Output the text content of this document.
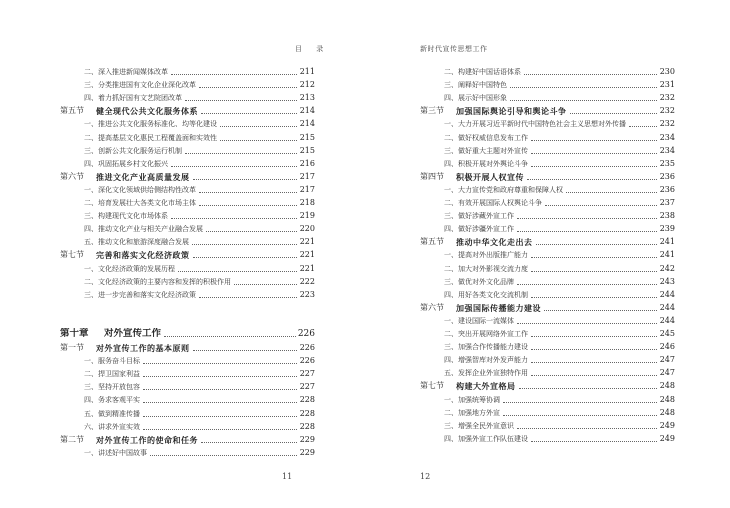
目 录	新时代宣传思想工作
二、深入推进新闻媒体改革	211
三、分类推进国有文化企业深化改革	212
四、着力抓好国有文艺院团改革	213
第五节	健全现代公共文化服务体系	214
一、推进公共文化服务标准化、均等化建设	214
二、提高基层文化惠民工程覆盖面和实效性	215
三、创新公共文化服务运行机制	215
四、巩固拓展乡村文化振兴	216
第六节	推进文化产业高质量发展	217
一、深化文化领域供给侧结构性改革	217
二、培育发展壮大各类文化市场主体	218
三、构建现代文化市场体系	219
四、推动文化产业与相关产业融合发展	220
五、推动文化和旅游深度融合发展	221
第七节	完善和落实文化经济政策	221
一、文化经济政策的发展历程	221
二、文化经济政策的主要内容和发挥的积极作用	222
三、进一步完善和落实文化经济政策	223
第十章	对外宣传工作	226
第一节	对外宣传工作的基本原则	226
一、服务奋斗目标	226
二、捍卫国家利益	227
三、坚持开放包容	227
四、务求客观平实	228
五、做到精准传播	228
六、讲求外宣实效	228
第二节	对外宣传工作的使命和任务	229
一、讲述好中国故事	229
二、构建好中国话语体系	230
三、阐释好中国特色	231
四、展示好中国形象	232
第三节	加强国际舆论引导和舆论斗争	232
一、大力开展习近平新时代中国特色社会主义思想对外传播	232
二、做好权威信息发布工作	234
三、做好重大主题对外宣传	234
四、积极开展对外舆论斗争	235
第四节	积极开展人权宣传	236
一、大力宣传党和政府尊重和保障人权	236
二、有效开展国际人权舆论斗争	237
三、做好涉藏外宣工作	238
四、做好涉疆外宣工作	239
第五节	推动中华文化走出去	241
一、提高对外出版推广能力	241
二、加大对外影视交流力度	242
三、做优对外文化品牌	243
四、用好各类文化交流机制	244
第六节	加强国际传播能力建设	244
一、建设国际一流媒体	244
二、突出开展网络外宣工作	245
三、加强合作传播能力建设	246
四、增强智库对外发声能力	247
五、发挥企业外宣独特作用	247
第七节	构建大外宣格局	248
一、加强统筹协调	248
二、加强地方外宣	248
三、增强全民外宣意识	249
四、加强外宣工作队伍建设	249
11	12
